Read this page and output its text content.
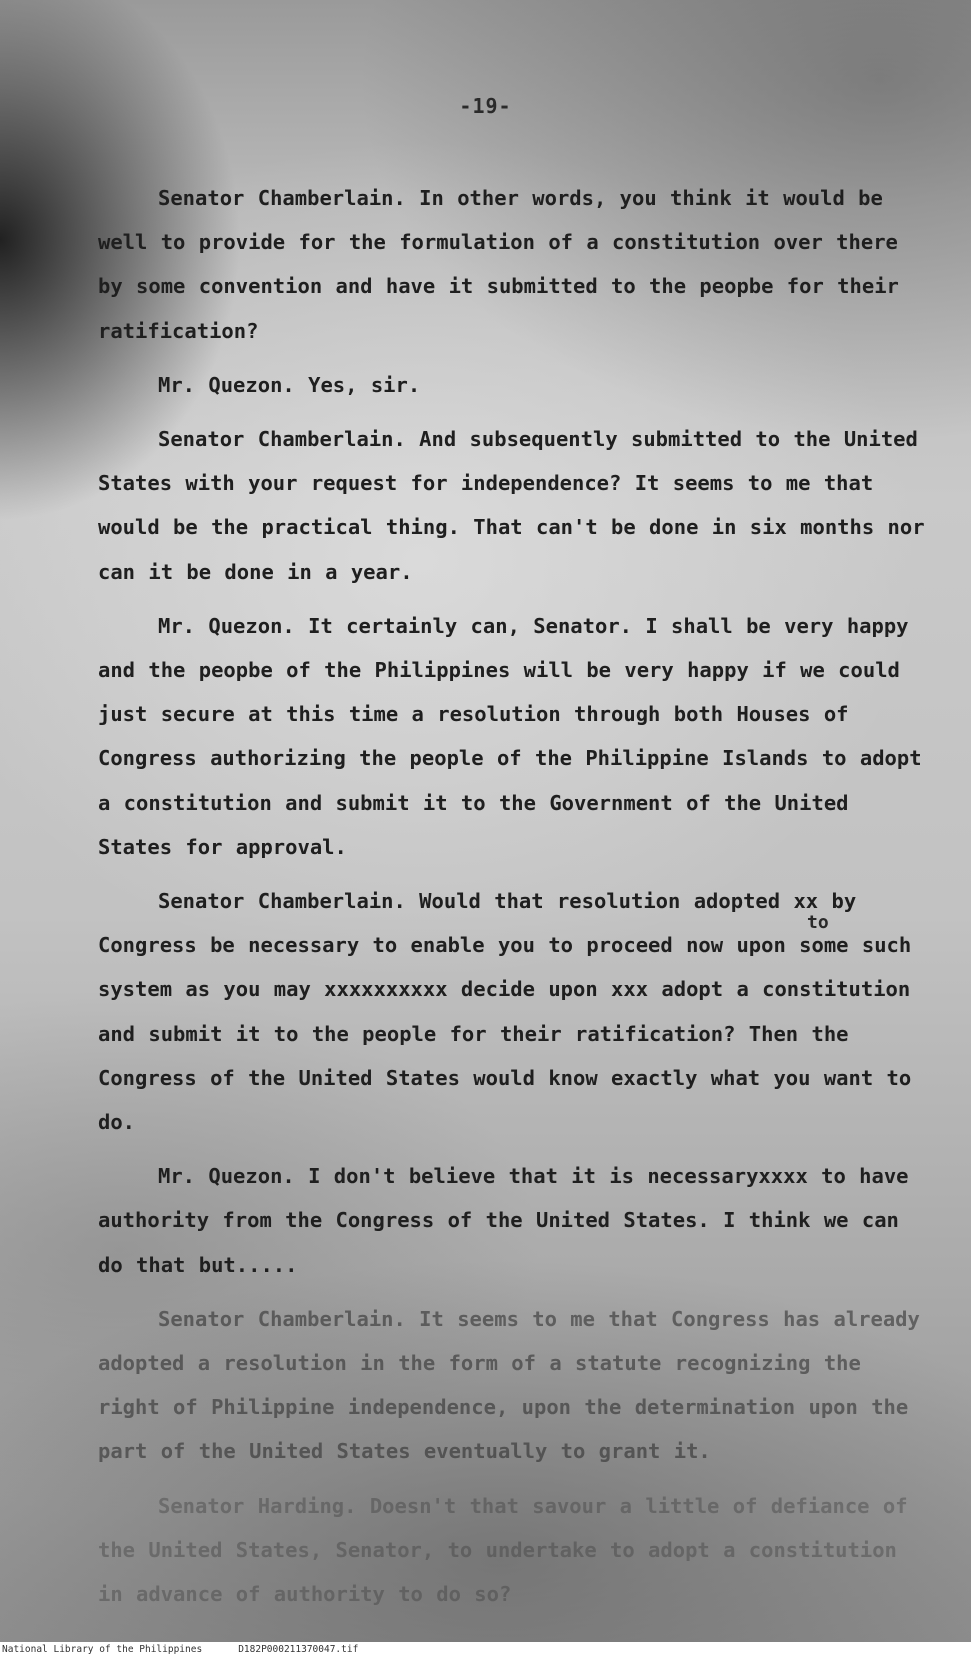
-19-
to

Senator Chamberlain. In other words, you think it would be well to provide for the formulation of a constitution over there by some convention and have it submitted to the peopbe for their ratification?

Mr. Quezon. Yes, sir.

Senator Chamberlain. And subsequently submitted to the United States with your request for independence? It seems to me that would be the practical thing. That can't be done in six months nor can it be done in a year.

Mr. Quezon. It certainly can, Senator. I shall be very happy and the peopbe of the Philippines will be very happy if we could just secure at this time a resolution through both Houses of Congress authorizing the people of the Philippine Islands to adopt a constitution and submit it to the Government of the United States for approval.

Senator Chamberlain. Would that resolution adopted xx by Congress be necessary to enable you to proceed now upon some such system as you may xxxxxxxxxx decide upon xxx adopt a constitution and submit it to the people for their ratification? Then the Congress of the United States would know exactly what you want to do.

Mr. Quezon. I don't believe that it is necessaryxxxx to have authority from the Congress of the United States. I think we can do that but.....

Senator Chamberlain. It seems to me that Congress has already adopted a resolution in the form of a statute recognizing the right of Philippine independence, upon the determination upon the part of the United States eventually to grant it.

Senator Harding. Doesn't that savour a little of defiance of the United States, Senator, to undertake to adopt a constitution in advance of authority to do so?

National Library of the Philippines	D182P000211370047.tif
